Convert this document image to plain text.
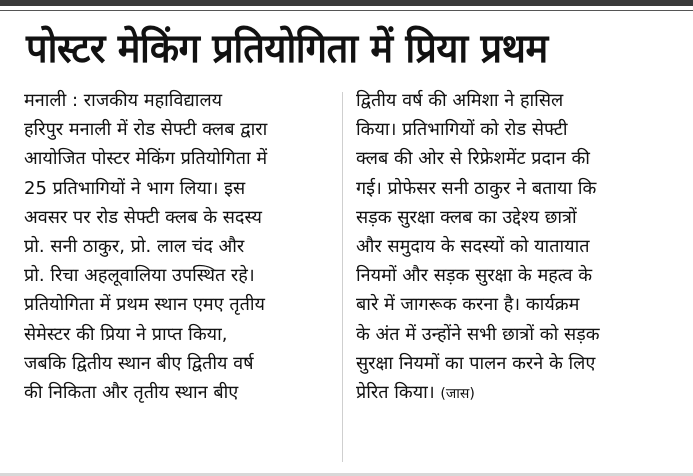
पोस्टर मेकिंग प्रतियोगिता में प्रिया प्रथम
मनाली : राजकीय महाविद्यालय
हरिपुर मनाली में रोड सेफ्टी क्लब द्वारा
आयोजित पोस्टर मेकिंग प्रतियोगिता में
25 प्रतिभागियों ने भाग लिया। इस
अवसर पर रोड सेफ्टी क्लब के सदस्य
प्रो. सनी ठाकुर, प्रो. लाल चंद और
प्रो. रिचा अहलूवालिया उपस्थित रहे।
प्रतियोगिता में प्रथम स्थान एमए तृतीय
सेमेस्टर की प्रिया ने प्राप्त किया,
जबकि द्वितीय स्थान बीए द्वितीय वर्ष
की निकिता और तृतीय स्थान बीए
द्वितीय वर्ष की अमिशा ने हासिल
किया। प्रतिभागियों को रोड सेफ्टी
क्लब की ओर से रिफ्रेशमेंट प्रदान की
गई। प्रोफेसर सनी ठाकुर ने बताया कि
सड़क सुरक्षा क्लब का उद्देश्य छात्रों
और समुदाय के सदस्यों को यातायात
नियमों और सड़क सुरक्षा के महत्व के
बारे में जागरूक करना है। कार्यक्रम
के अंत में उन्होंने सभी छात्रों को सड़क
सुरक्षा नियमों का पालन करने के लिए
प्रेरित किया। (जास)
